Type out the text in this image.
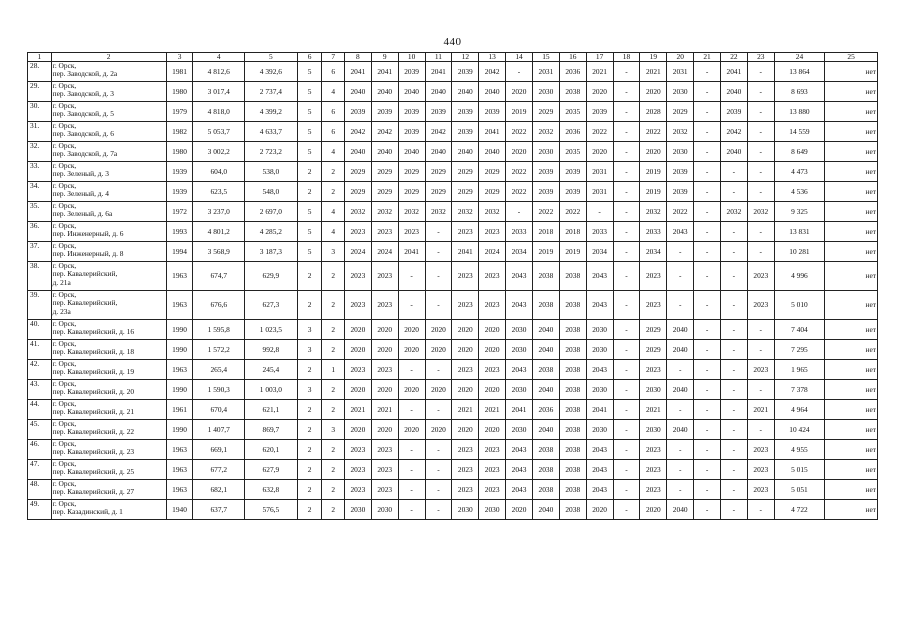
440
1	2	3	4	5	6	7	8	9	10	11	12	13	14	15	16	17	18	19	20	21	22	23	24	25
28.	г. Орск,
пер. Заводской, д. 2а	1981	4 812,6	4 392,6	5	6	2041	2041	2039	2041	2039	2042	-	2031	2036	2021	-	2021	2031	-	2041	-	13 864	нет
29.	г. Орск,
пер. Заводской, д. 3	1980	3 017,4	2 737,4	5	4	2040	2040	2040	2040	2040	2040	2020	2030	2038	2020	-	2020	2030	-	2040	-	8 693	нет
30.	г. Орск,
пер. Заводской, д. 5	1979	4 818,0	4 399,2	5	6	2039	2039	2039	2039	2039	2039	2019	2029	2035	2039	-	2028	2029	-	2039	-	13 880	нет
31.	г. Орск,
пер. Заводской, д. 6	1982	5 053,7	4 633,7	5	6	2042	2042	2039	2042	2039	2041	2022	2032	2036	2022	-	2022	2032	-	2042	-	14 559	нет
32.	г. Орск,
пер. Заводской, д. 7а	1980	3 002,2	2 723,2	5	4	2040	2040	2040	2040	2040	2040	2020	2030	2035	2020	-	2020	2030	-	2040	-	8 649	нет
33.	г. Орск,
пер. Зеленый, д. 3	1939	604,0	538,0	2	2	2029	2029	2029	2029	2029	2029	2022	2039	2039	2031	-	2019	2039	-	-	-	4 473	нет
34.	г. Орск,
пер. Зеленый, д. 4	1939	623,5	548,0	2	2	2029	2029	2029	2029	2029	2029	2022	2039	2039	2031	-	2019	2039	-	-	-	4 536	нет
35.	г. Орск,
пер. Зеленый, д. 6а	1972	3 237,0	2 697,0	5	4	2032	2032	2032	2032	2032	2032	-	2022	2022	-	-	2032	2022	-	2032	2032	9 325	нет
36.	г. Орск,
пер. Инженерный, д. 6	1993	4 801,2	4 285,2	5	4	2023	2023	2023	-	2023	2023	2033	2018	2018	2033	-	2033	2043	-	-	-	13 831	нет
37.	г. Орск,
пер. Инженерный, д. 8	1994	3 568,9	3 187,3	5	3	2024	2024	2041	-	2041	2024	2034	2019	2019	2034	-	2034	-	-	-	-	10 281	нет
38.	г. Орск,
пер. Кавалерийский,
д. 21а	1963	674,7	629,9	2	2	2023	2023	-	-	2023	2023	2043	2038	2038	2043	-	2023	-	-	-	2023	4 996	нет
39.	г. Орск,
пер. Кавалерийский,
д. 23а	1963	676,6	627,3	2	2	2023	2023	-	-	2023	2023	2043	2038	2038	2043	-	2023	-	-	-	2023	5 010	нет
40.	г. Орск,
пер. Кавалерийский, д. 16	1990	1 595,8	1 023,5	3	2	2020	2020	2020	2020	2020	2020	2030	2040	2038	2030	-	2029	2040	-	-	-	7 404	нет
41.	г. Орск,
пер. Кавалерийский, д. 18	1990	1 572,2	992,8	3	2	2020	2020	2020	2020	2020	2020	2030	2040	2038	2030	-	2029	2040	-	-	-	7 295	нет
42.	г. Орск,
пер. Кавалерийский, д. 19	1963	265,4	245,4	2	1	2023	2023	-	-	2023	2023	2043	2038	2038	2043	-	2023	-	-	-	2023	1 965	нет
43.	г. Орск,
пер. Кавалерийский, д. 20	1990	1 590,3	1 003,0	3	2	2020	2020	2020	2020	2020	2020	2030	2040	2038	2030	-	2030	2040	-	-	-	7 378	нет
44.	г. Орск,
пер. Кавалерийский, д. 21	1961	670,4	621,1	2	2	2021	2021	-	-	2021	2021	2041	2036	2038	2041	-	2021	-	-	-	2021	4 964	нет
45.	г. Орск,
пер. Кавалерийский, д. 22	1990	1 407,7	869,7	2	3	2020	2020	2020	2020	2020	2020	2030	2040	2038	2030	-	2030	2040	-	-	-	10 424	нет
46.	г. Орск,
пер. Кавалерийский, д. 23	1963	669,1	620,1	2	2	2023	2023	-	-	2023	2023	2043	2038	2038	2043	-	2023	-	-	-	2023	4 955	нет
47.	г. Орск,
пер. Кавалерийский, д. 25	1963	677,2	627,9	2	2	2023	2023	-	-	2023	2023	2043	2038	2038	2043	-	2023	-	-	-	2023	5 015	нет
48.	г. Орск,
пер. Кавалерийский, д. 27	1963	682,1	632,8	2	2	2023	2023	-	-	2023	2023	2043	2038	2038	2043	-	2023	-	-	-	2023	5 051	нет
49.	г. Орск,
пер. Казадинский, д. 1	1940	637,7	576,5	2	2	2030	2030	-	-	2030	2030	2020	2040	2038	2020	-	2020	2040	-	-	-	4 722	нет
